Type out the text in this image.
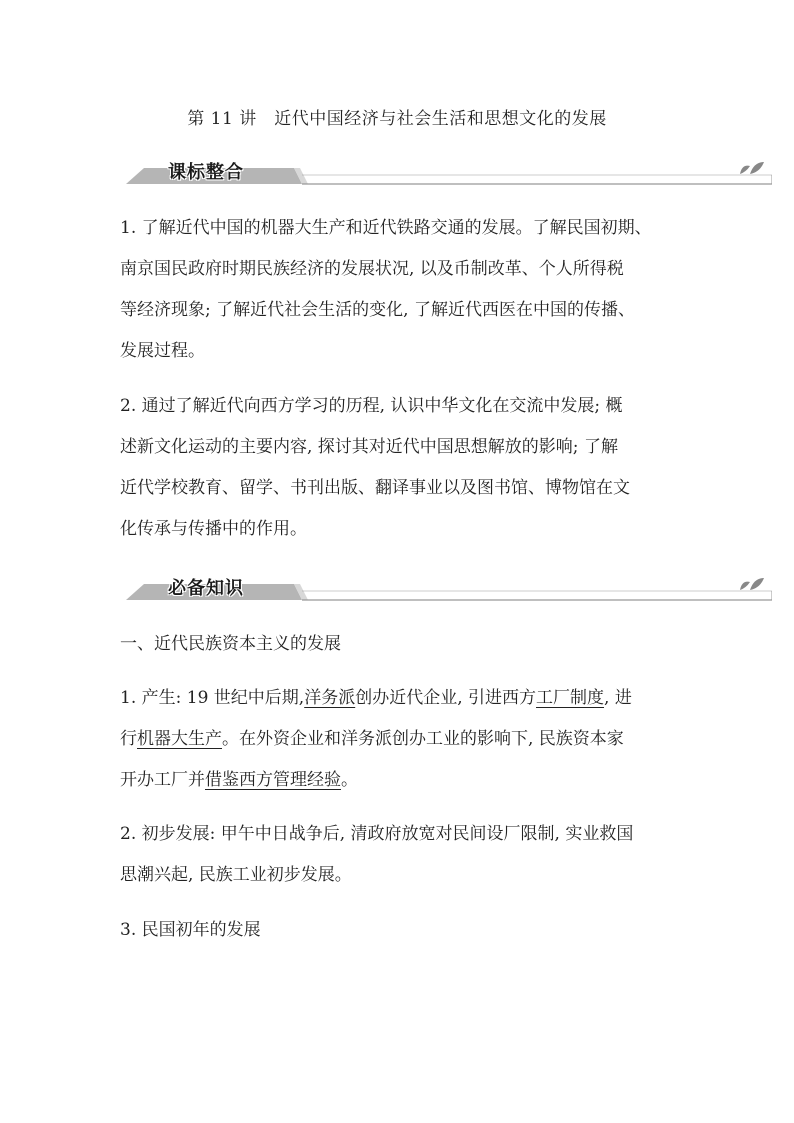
第 11 讲　近代中国经济与社会生活和思想文化的发展
课标整合
1. 了解近代中国的机器大生产和近代铁路交通的发展。了解民国初期、
南京国民政府时期民族经济的发展状况, 以及币制改革、个人所得税
等经济现象; 了解近代社会生活的变化, 了解近代西医在中国的传播、
发展过程。
2. 通过了解近代向西方学习的历程, 认识中华文化在交流中发展; 概
述新文化运动的主要内容, 探讨其对近代中国思想解放的影响; 了解
近代学校教育、留学、书刊出版、翻译事业以及图书馆、博物馆在文
化传承与传播中的作用。
必备知识
一、近代民族资本主义的发展
1. 产生: 19 世纪中后期,洋务派创办近代企业, 引进西方工厂制度, 进
行机器大生产。在外资企业和洋务派创办工业的影响下, 民族资本家
开办工厂并借鉴西方管理经验。
2. 初步发展: 甲午中日战争后, 清政府放宽对民间设厂限制, 实业救国
思潮兴起, 民族工业初步发展。
3. 民国初年的发展
